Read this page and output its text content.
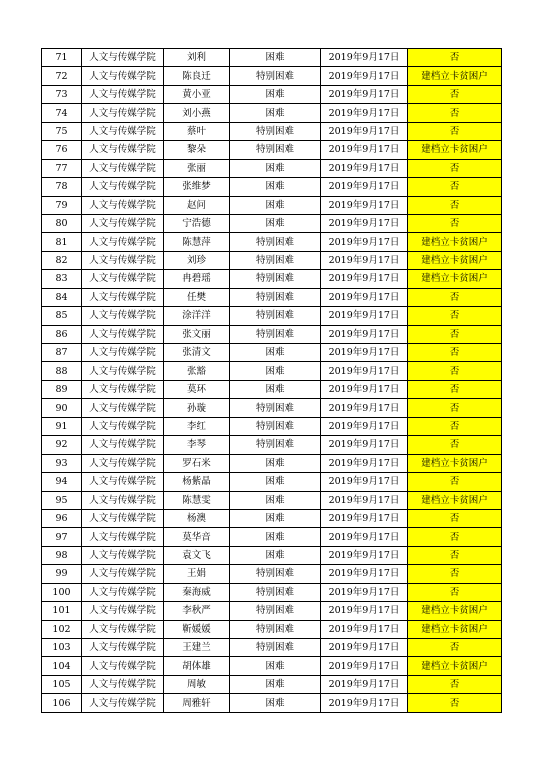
71	人文与传媒学院	刘利	困难	2019年9月17日	否
72	人文与传媒学院	陈良迁	特别困难	2019年9月17日	建档立卡贫困户
73	人文与传媒学院	黄小亚	困难	2019年9月17日	否
74	人文与传媒学院	刘小燕	困难	2019年9月17日	否
75	人文与传媒学院	蔡叶	特别困难	2019年9月17日	否
76	人文与传媒学院	黎朵	特别困难	2019年9月17日	建档立卡贫困户
77	人文与传媒学院	张丽	困难	2019年9月17日	否
78	人文与传媒学院	张维梦	困难	2019年9月17日	否
79	人文与传媒学院	赵问	困难	2019年9月17日	否
80	人文与传媒学院	宁浩德	困难	2019年9月17日	否
81	人文与传媒学院	陈慧萍	特别困难	2019年9月17日	建档立卡贫困户
82	人文与传媒学院	刘珍	特别困难	2019年9月17日	建档立卡贫困户
83	人文与传媒学院	冉碧瑶	特别困难	2019年9月17日	建档立卡贫困户
84	人文与传媒学院	任樊	特别困难	2019年9月17日	否
85	人文与传媒学院	涂洋洋	特别困难	2019年9月17日	否
86	人文与传媒学院	张文丽	特别困难	2019年9月17日	否
87	人文与传媒学院	张清文	困难	2019年9月17日	否
88	人文与传媒学院	张豁	困难	2019年9月17日	否
89	人文与传媒学院	莫环	困难	2019年9月17日	否
90	人文与传媒学院	孙璇	特别困难	2019年9月17日	否
91	人文与传媒学院	李红	特别困难	2019年9月17日	否
92	人文与传媒学院	李琴	特别困难	2019年9月17日	否
93	人文与传媒学院	罗石米	困难	2019年9月17日	建档立卡贫困户
94	人文与传媒学院	杨紫晶	困难	2019年9月17日	否
95	人文与传媒学院	陈慧雯	困难	2019年9月17日	建档立卡贫困户
96	人文与传媒学院	杨澳	困难	2019年9月17日	否
97	人文与传媒学院	莫华音	困难	2019年9月17日	否
98	人文与传媒学院	袁文飞	困难	2019年9月17日	否
99	人文与传媒学院	王娟	特别困难	2019年9月17日	否
100	人文与传媒学院	秦海威	特别困难	2019年9月17日	否
101	人文与传媒学院	李秋严	特别困难	2019年9月17日	建档立卡贫困户
102	人文与传媒学院	靳媛媛	特别困难	2019年9月17日	建档立卡贫困户
103	人文与传媒学院	王建兰	特别困难	2019年9月17日	否
104	人文与传媒学院	胡体雄	困难	2019年9月17日	建档立卡贫困户
105	人文与传媒学院	周敏	困难	2019年9月17日	否
106	人文与传媒学院	周雅轩	困难	2019年9月17日	否
